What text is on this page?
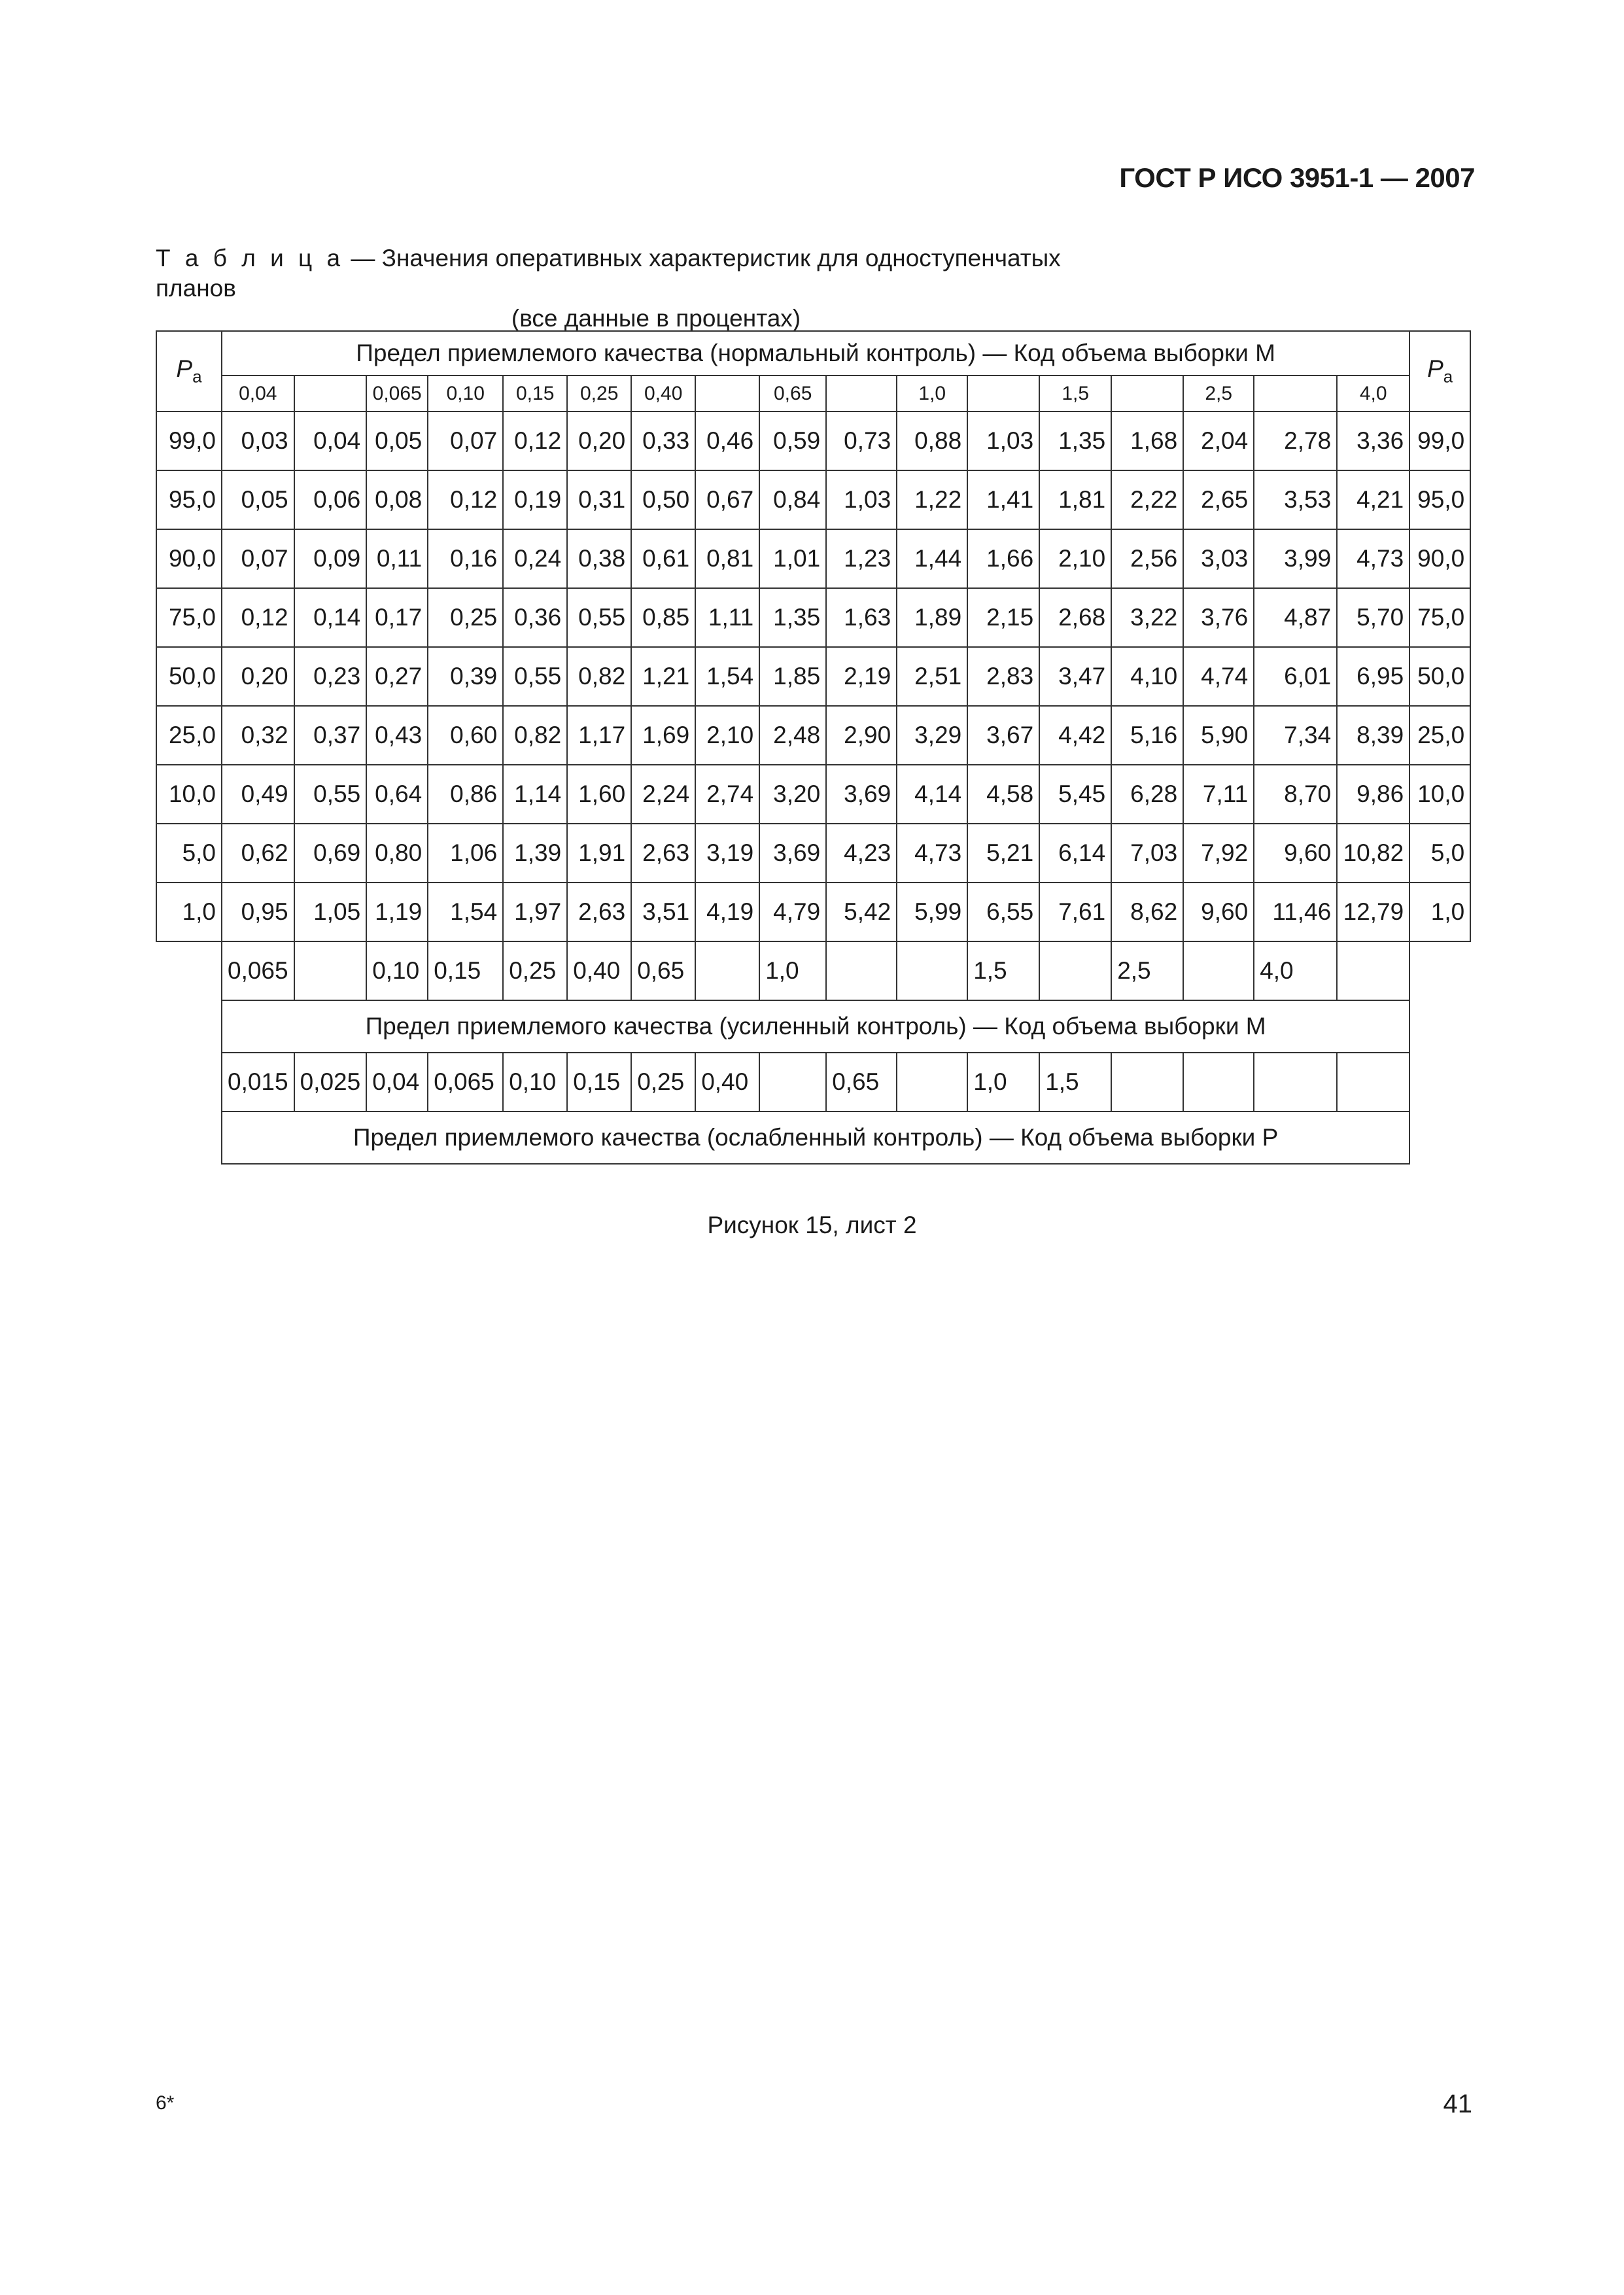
ГОСТ Р ИСО 3951-1 — 2007
Т а б л и ц а — Значения оперативных характеристик для одноступенчатых планов
(все данные в процентах)
$P_a$	Предел приемлемого качества (нормальный контроль) — Код объема выборки M																	$P_a$
	0,04		0,065	0,10	0,15	0,25	0,40		0,65		1,0		1,5		2,5		4,0	
99,0	0,03	0,04	0,05	0,07	0,12	0,20	0,33	0,46	0,59	0,73	0,88	1,03	1,35	1,68	2,04	2,78	3,36	99,0
95,0	0,05	0,06	0,08	0,12	0,19	0,31	0,50	0,67	0,84	1,03	1,22	1,41	1,81	2,22	2,65	3,53	4,21	95,0
90,0	0,07	0,09	0,11	0,16	0,24	0,38	0,61	0,81	1,01	1,23	1,44	1,66	2,10	2,56	3,03	3,99	4,73	90,0
75,0	0,12	0,14	0,17	0,25	0,36	0,55	0,85	1,11	1,35	1,63	1,89	2,15	2,68	3,22	3,76	4,87	5,70	75,0
50,0	0,20	0,23	0,27	0,39	0,55	0,82	1,21	1,54	1,85	2,19	2,51	2,83	3,47	4,10	4,74	6,01	6,95	50,0
25,0	0,32	0,37	0,43	0,60	0,82	1,17	1,69	2,10	2,48	2,90	3,29	3,67	4,42	5,16	5,90	7,34	8,39	25,0
10,0	0,49	0,55	0,64	0,86	1,14	1,60	2,24	2,74	3,20	3,69	4,14	4,58	5,45	6,28	7,11	8,70	9,86	10,0
5,0	0,62	0,69	0,80	1,06	1,39	1,91	2,63	3,19	3,69	4,23	4,73	5,21	6,14	7,03	7,92	9,60	10,82	5,0
1,0	0,95	1,05	1,19	1,54	1,97	2,63	3,51	4,19	4,79	5,42	5,99	6,55	7,61	8,62	9,60	11,46	12,79	1,0
	0,065		0,10	0,15	0,25	0,40	0,65		1,0			1,5		2,5		4,0		
	Предел приемлемого качества (усиленный контроль) — Код объема выборки M																	
	0,015	0,025	0,04	0,065	0,10	0,15	0,25	0,40		0,65		1,0	1,5					
	Предел приемлемого качества (ослабленный контроль) — Код объема выборки P																	
Рисунок 15, лист 2
6*	41
